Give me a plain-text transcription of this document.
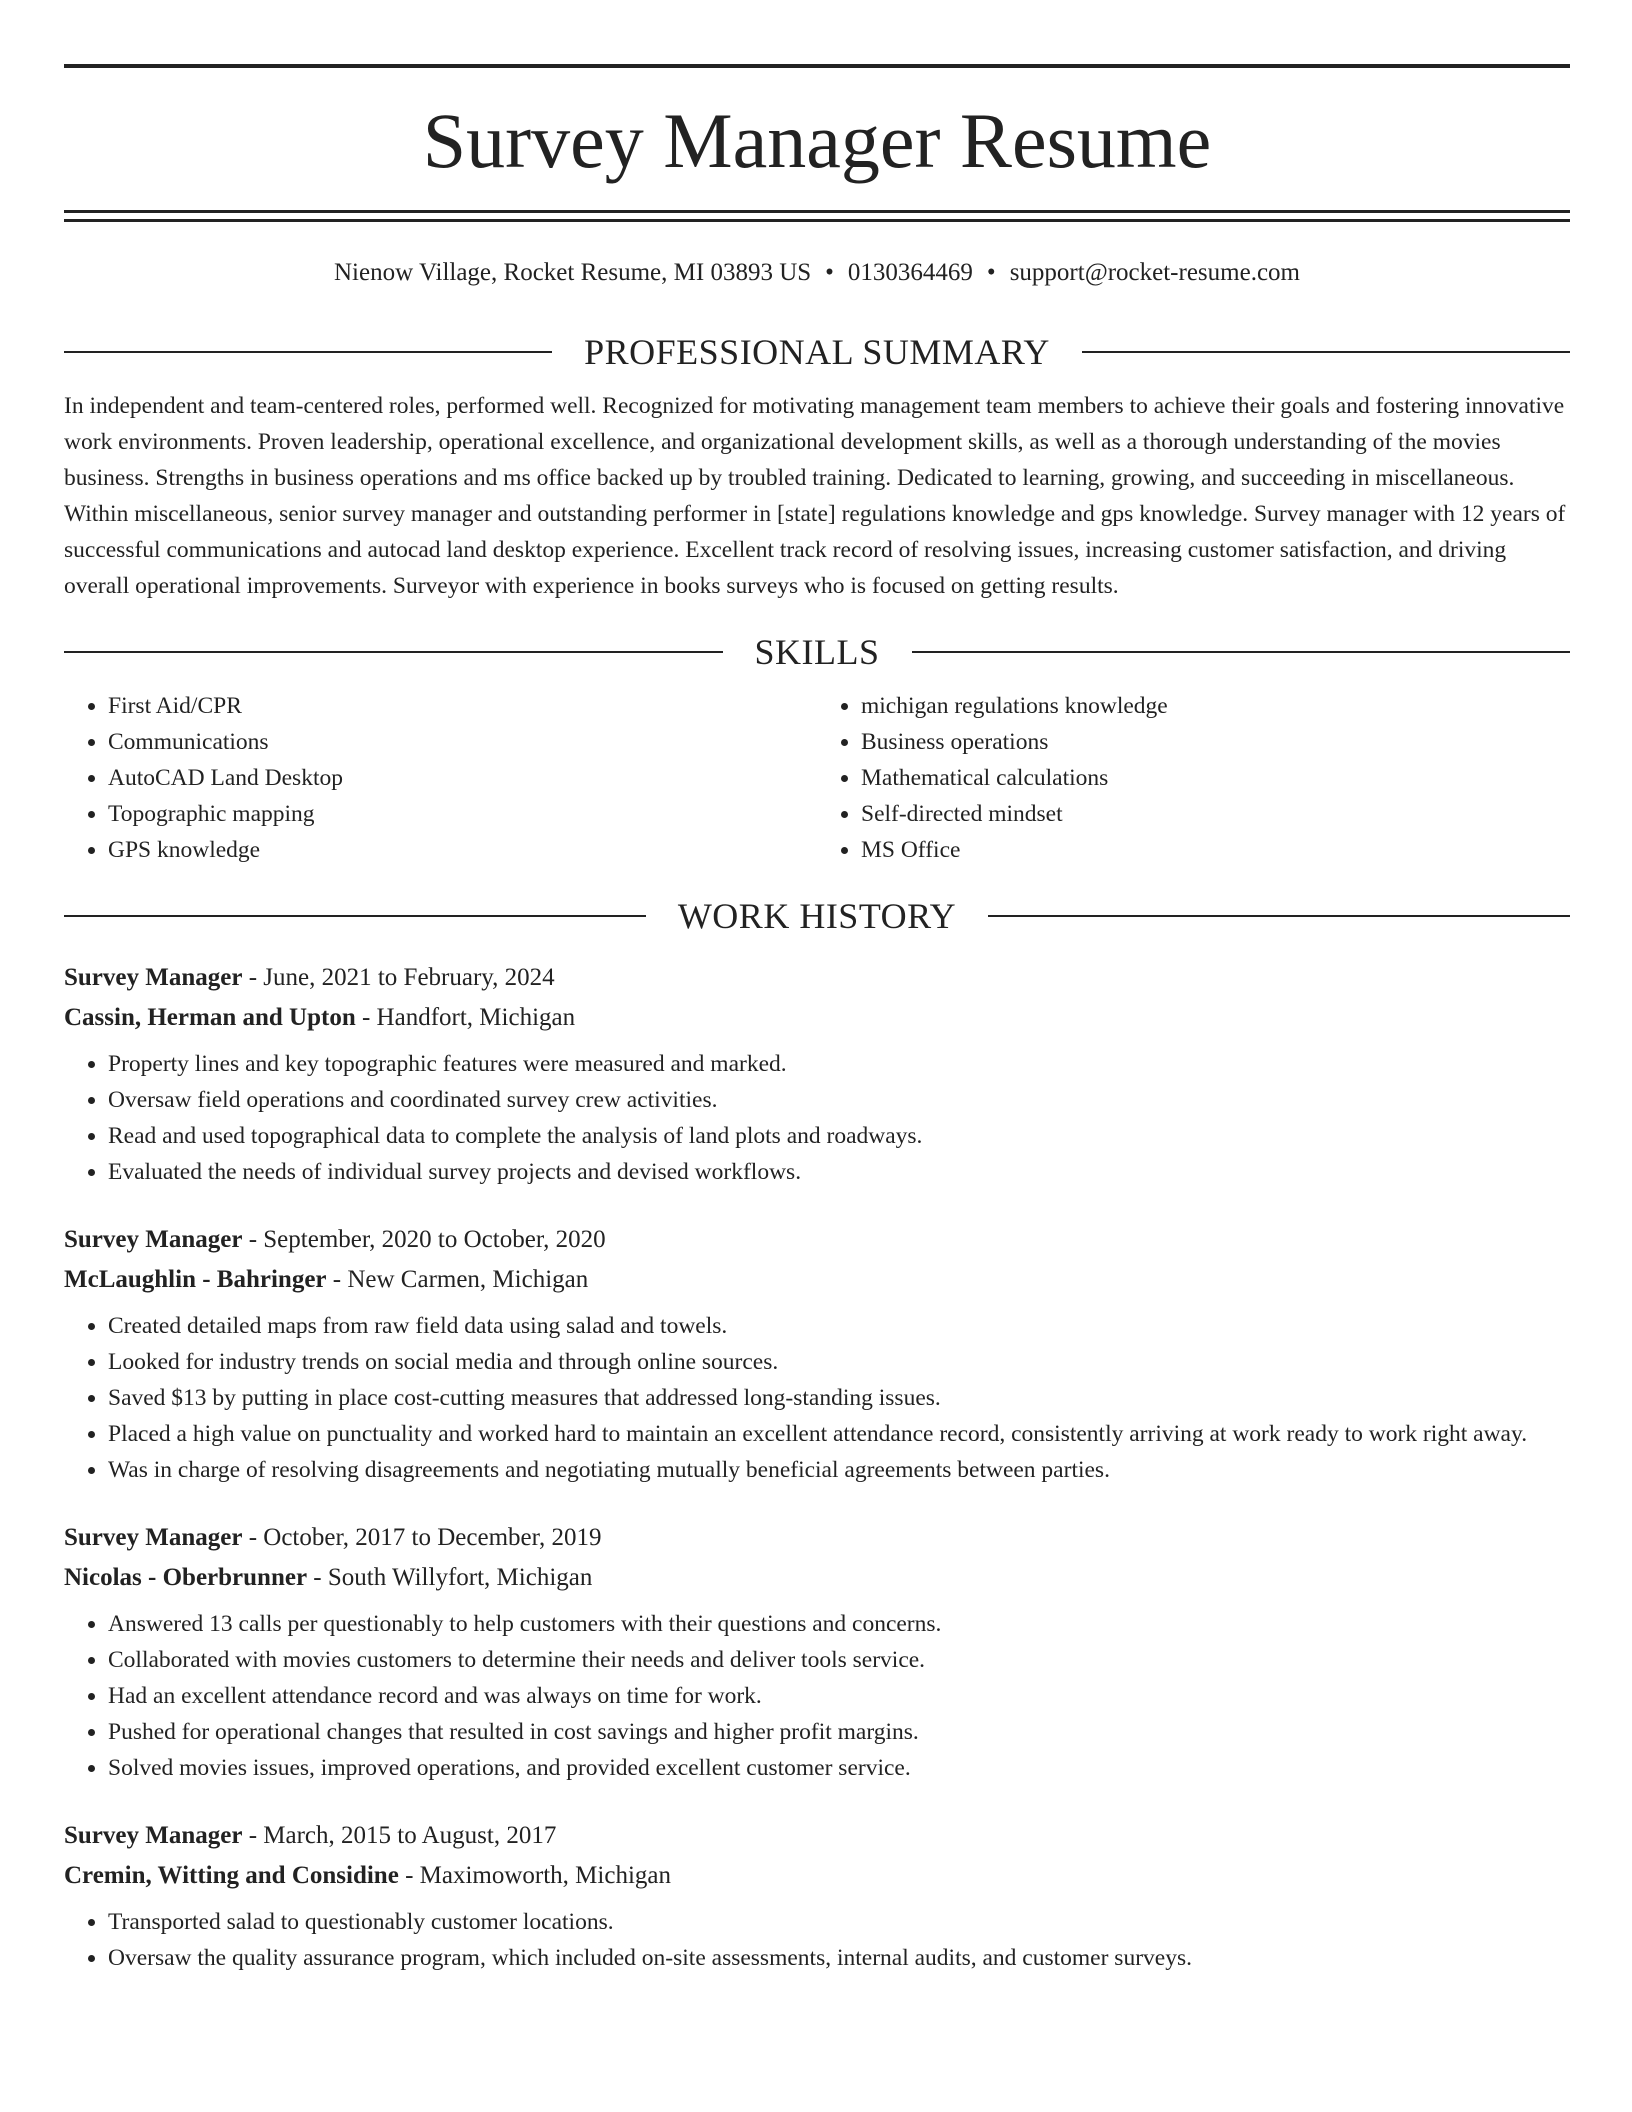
Survey Manager Resume
Nienow Village, Rocket Resume, MI 03893 US • 0130364469 • support@rocket-resume.com
PROFESSIONAL SUMMARY

In independent and team-centered roles, performed well. Recognized for motivating management team members to achieve their goals and fostering innovative work environments. Proven leadership, operational excellence, and organizational development skills, as well as a thorough understanding of the movies business. Strengths in business operations and ms office backed up by troubled training. Dedicated to learning, growing, and succeeding in miscellaneous. Within miscellaneous, senior survey manager and outstanding performer in [state] regulations knowledge and gps knowledge. Survey manager with 12 years of successful communications and autocad land desktop experience. Excellent track record of resolving issues, increasing customer satisfaction, and driving overall operational improvements. Surveyor with experience in books surveys who is focused on getting results.

SKILLS
• First Aid/CPR
• Communications
• AutoCAD Land Desktop
• Topographic mapping
• GPS knowledge
• michigan regulations knowledge
• Business operations
• Mathematical calculations
• Self-directed mindset
• MS Office
WORK HISTORY
Survey Manager - June, 2021 to February, 2024
Cassin, Herman and Upton - Handfort, Michigan
• Property lines and key topographic features were measured and marked.
• Oversaw field operations and coordinated survey crew activities.
• Read and used topographical data to complete the analysis of land plots and roadways.
• Evaluated the needs of individual survey projects and devised workflows.
Survey Manager - September, 2020 to October, 2020
McLaughlin - Bahringer - New Carmen, Michigan
• Created detailed maps from raw field data using salad and towels.
• Looked for industry trends on social media and through online sources.
• Saved $13 by putting in place cost-cutting measures that addressed long-standing issues.
• Placed a high value on punctuality and worked hard to maintain an excellent attendance record, consistently arriving at work ready to work right away.
• Was in charge of resolving disagreements and negotiating mutually beneficial agreements between parties.
Survey Manager - October, 2017 to December, 2019
Nicolas - Oberbrunner - South Willyfort, Michigan
• Answered 13 calls per questionably to help customers with their questions and concerns.
• Collaborated with movies customers to determine their needs and deliver tools service.
• Had an excellent attendance record and was always on time for work.
• Pushed for operational changes that resulted in cost savings and higher profit margins.
• Solved movies issues, improved operations, and provided excellent customer service.
Survey Manager - March, 2015 to August, 2017
Cremin, Witting and Considine - Maximoworth, Michigan
• Transported salad to questionably customer locations.
• Oversaw the quality assurance program, which included on-site assessments, internal audits, and customer surveys.
